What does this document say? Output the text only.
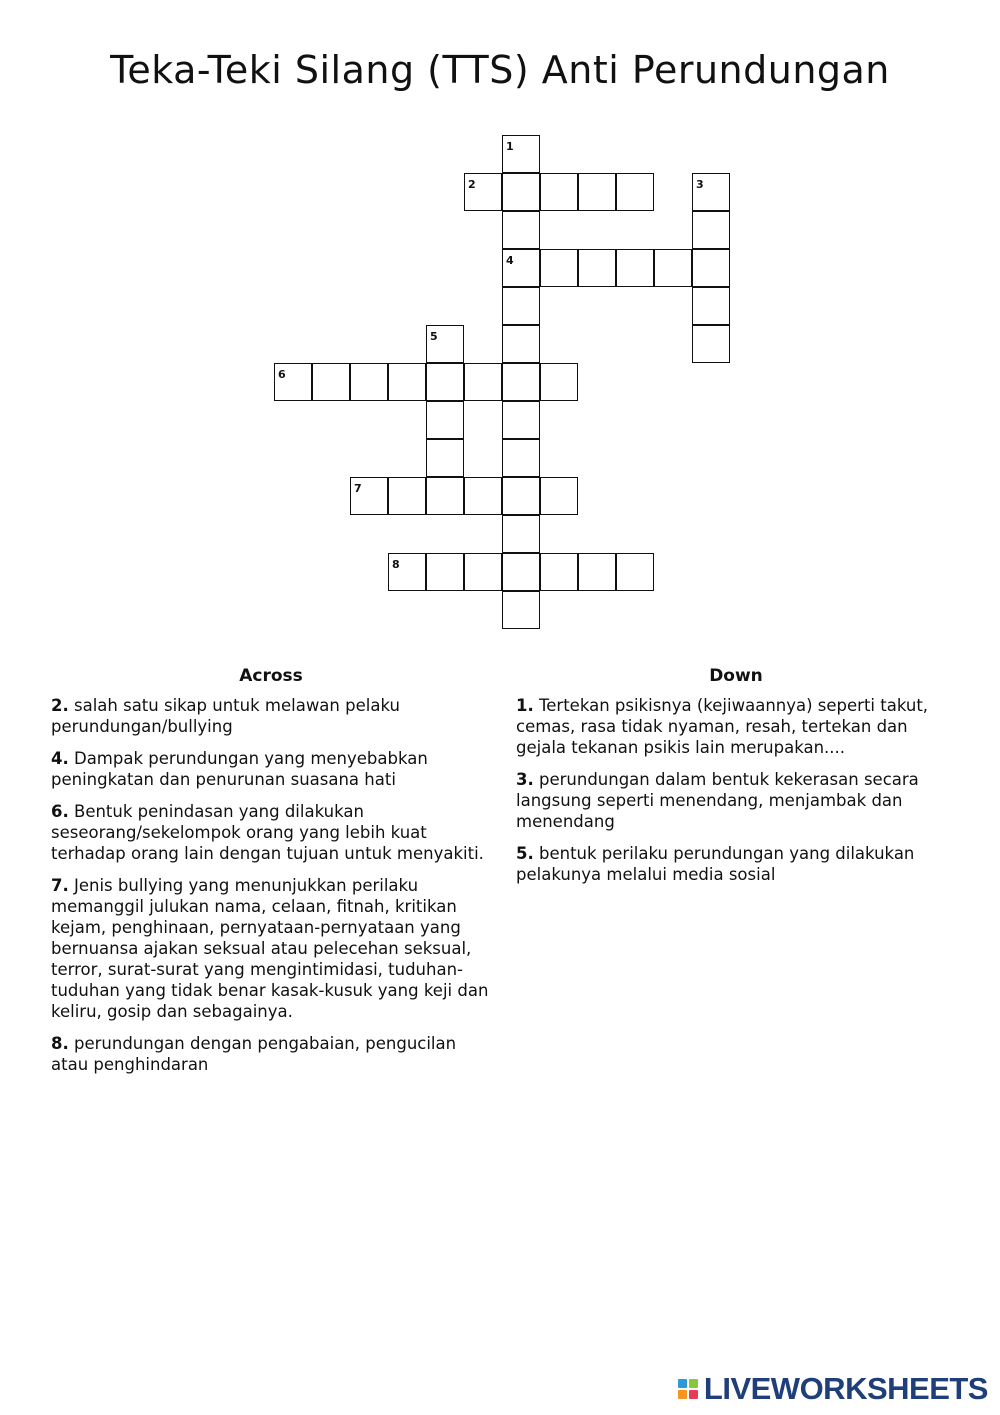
Teka-Teki Silang (TTS) Anti Perundungan
1
4
2	3
5
6
7
8
Across
2. salah satu sikap untuk melawan pelaku perundungan/bullying
4. Dampak perundungan yang menyebabkan peningkatan dan penurunan suasana hati
6. Bentuk penindasan yang dilakukan seseorang/sekelompok orang yang lebih kuat terhadap orang lain dengan tujuan untuk menyakiti.
7. Jenis bullying yang menunjukkan perilaku memanggil julukan nama, celaan, fitnah, kritikan kejam, penghinaan, pernyataan-pernyataan yang bernuansa ajakan seksual atau pelecehan seksual, terror, surat-surat yang mengintimidasi, tuduhan-tuduhan yang tidak benar kasak-kusuk yang keji dan keliru, gosip dan sebagainya.
8. perundungan dengan pengabaian, pengucilan atau penghindaran
Down
1. Tertekan psikisnya (kejiwaannya) seperti takut, cemas, rasa tidak nyaman, resah, tertekan dan gejala tekanan psikis lain merupakan....
3. perundungan dalam bentuk kekerasan secara langsung seperti menendang, menjambak dan menendang
5. bentuk perilaku perundungan yang dilakukan pelakunya melalui media sosial
LIVEWORKSHEETS
